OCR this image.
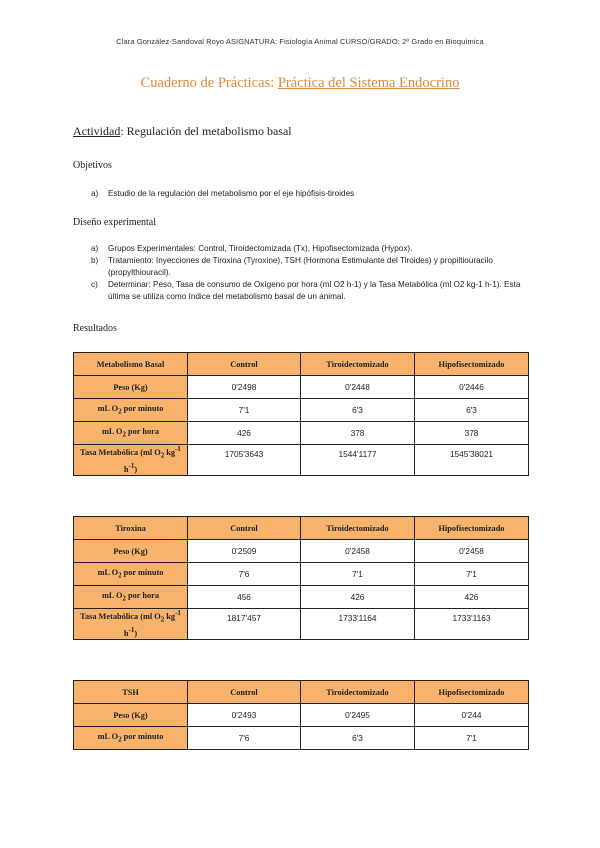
Clara González-Sandoval Royo ASIGNATURA: Fisiología Animal CURSO/GRADO: 2º Grado en Bioquímica
Cuaderno de Prácticas: Práctica del Sistema Endocrino
Actividad: Regulación del metabolismo basal
Objetivos
a) Estudio de la regulación del metabolismo por el eje hipófisis-tiroides
Diseño experimental
a) Grupos Experimentales: Control, Tiroidectomizada (Tx), Hipofisectomizada (Hypox).
b) Tratamiento: Inyecciones de Tiroxina (Tyroxine), TSH (Hormona Estimulante del Tiroides) y propiltiouracilo (propylthiouracil).
c) Determinar: Peso, Tasa de consumo de Oxígeno por hora (ml O2 h-1) y la Tasa Metabólica (ml O2 kg-1 h-1). Esta última se utiliza como índice del metabolismo basal de un animal.
Resultados
Metabolismo Basal	Control	Tiroidectomizado	Hipofisectomizado
Peso (Kg)	0'2498	0'2448	0'2446
mL $O_2$ por minuto	7'1	6'3	6'3
mL $O_2$ por hora	426	378	378
Tasa Metabólica (ml $O_2$ $kg^{-1}$ $h^{-1}$)	1705'3643	1544'1177	1545'38021
Tiroxina	Control	Tiroidectomizado	Hipofisectomizado
Peso (Kg)	0'2509	0'2458	0'2458
mL $O_2$ por minuto	7'6	7'1	7'1
mL $O_2$ por hora	456	426	426
Tasa Metabólica (ml $O_2$ $kg^{-1}$ $h^{-1}$)	1817'457	1733'1164	1733'1163
TSH	Control	Tiroidectomizado	Hipofisectomizado
Peso (Kg)	0'2493	0'2495	0'244
mL $O_2$ por minuto	7'6	6'3	7'1
